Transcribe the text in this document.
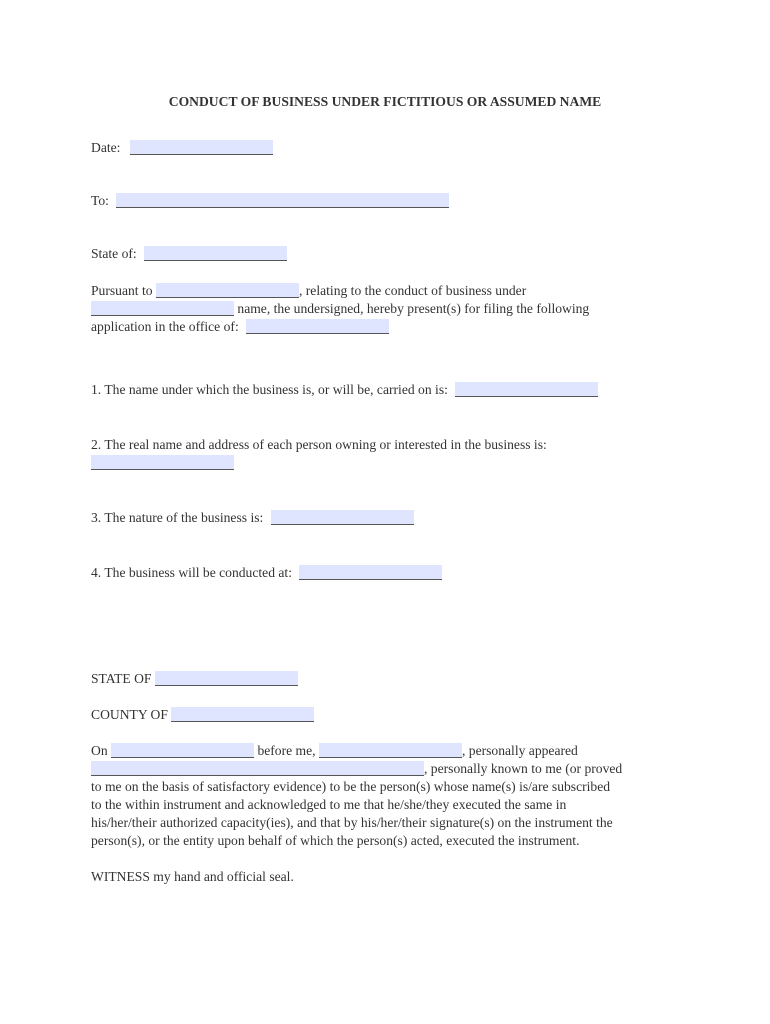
CONDUCT OF BUSINESS UNDER FICTITIOUS OR ASSUMED NAME
Date:
To:
State of:
Pursuant to	, relating to the conduct of business under
name, the undersigned, hereby present(s) for filing the following
application in the office of:
1. The name under which the business is, or will be, carried on is:
2. The real name and address of each person owning or interested in the business is:
3. The nature of the business is:
4. The business will be conducted at:
STATE OF
COUNTY OF
On	before me,	, personally appeared
, personally known to me (or proved
to me on the basis of satisfactory evidence) to be the person(s) whose name(s) is/are subscribed
to the within instrument and acknowledged to me that he/she/they executed the same in
his/her/their authorized capacity(ies), and that by his/her/their signature(s) on the instrument the
person(s), or the entity upon behalf of which the person(s) acted, executed the instrument.
WITNESS my hand and official seal.
